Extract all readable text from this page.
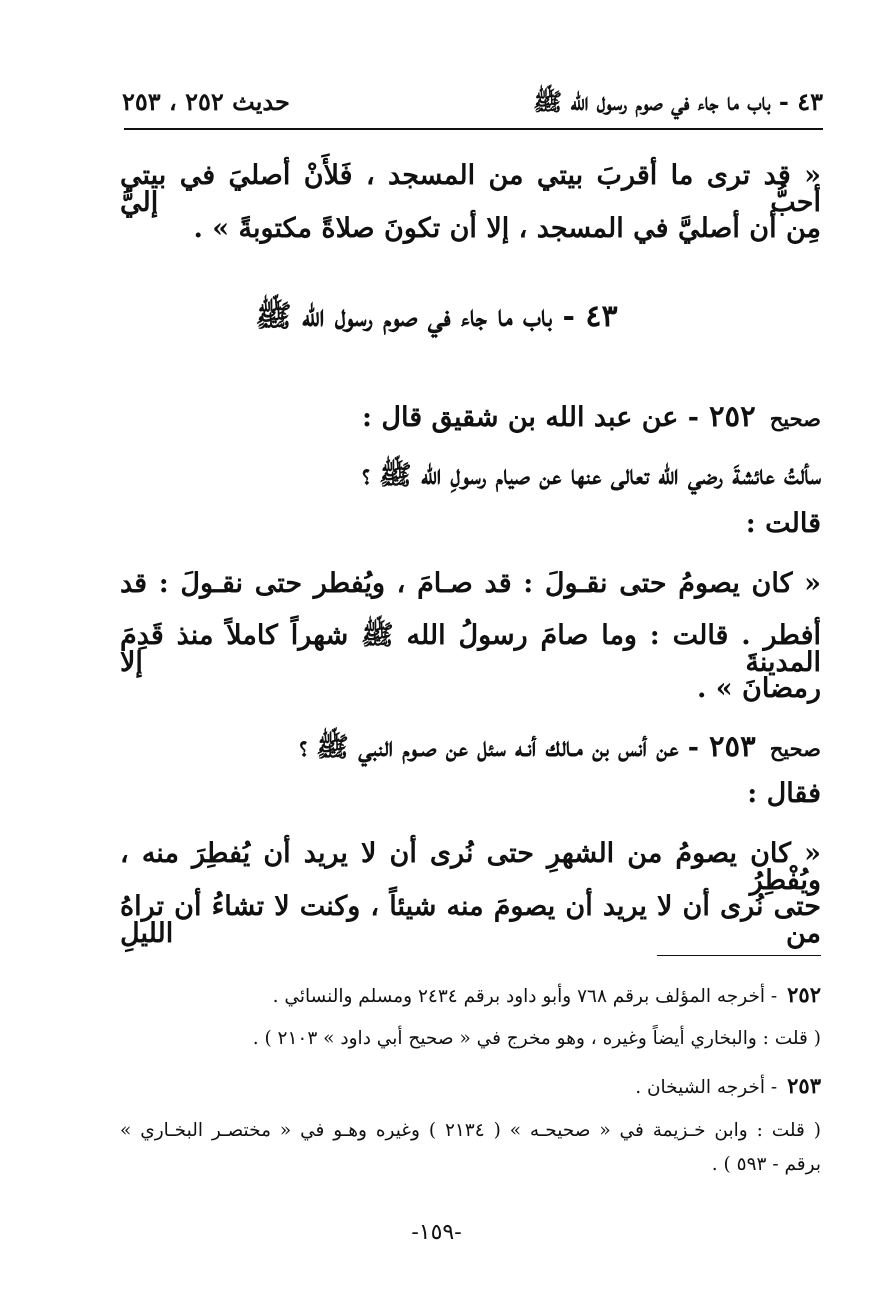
٤٣ - باب ما جاء في صوم رسول الله ﷺ
حديث ٢٥٢ ، ٢٥٣
« قد ترى ما أقربَ بيتي من المسجد ، فَلأَنْ أصليَ في بيتي أحبُّ إليَّ
مِن أن أصليَّ في المسجد ، إلا أن تكونَ صلاةً مكتوبةً » .
٤٣ - باب ما جاء في صوم رسول الله ﷺ
صحيح٢٥٢- عن عبد الله بن شقيق قال :
سألتُ عائشةَ رضي الله تعالى عنها عن صيام رسولِ الله ﷺ ؟
قالت :
« كان يصومُ حتى نقـولَ : قد صـامَ ، ويُفطر حتى نقـولَ : قد
أفطر . قالت : وما صامَ رسولُ الله ﷺ شهراً كاملاً منذ قَدِمَ المدينةَ إلا
رمضانَ » .
صحيح٢٥٣- عن أنس بن مـالك أنـه سئل عن صـوم النبي ﷺ ؟
فقال :
« كان يصومُ من الشهرِ حتى نُرى أن لا يريد أن يُفطِرَ منه ، ويُفْطِرُ
حتى نُرى أن لا يريد أن يصومَ منه شيئاً ، وكنت لا تشاءُ أن تراهُ من الليلِ
٢٥٢- أخرجه المؤلف برقم ٧٦٨ وأبو داود برقم ٢٤٣٤ ومسلم والنسائي .
( قلت : والبخاري أيضاً وغيره ، وهو مخرج في « صحيح أبي داود » ٢١٠٣ ) .
٢٥٣- أخرجه الشيخان .
( قلت : وابن خـزيمة في « صحيحـه » ( ٢١٣٤ ) وغيره وهـو في « مختصـر البخـاري »
برقم - ٥٩٣ ) .
-١٥٩-
